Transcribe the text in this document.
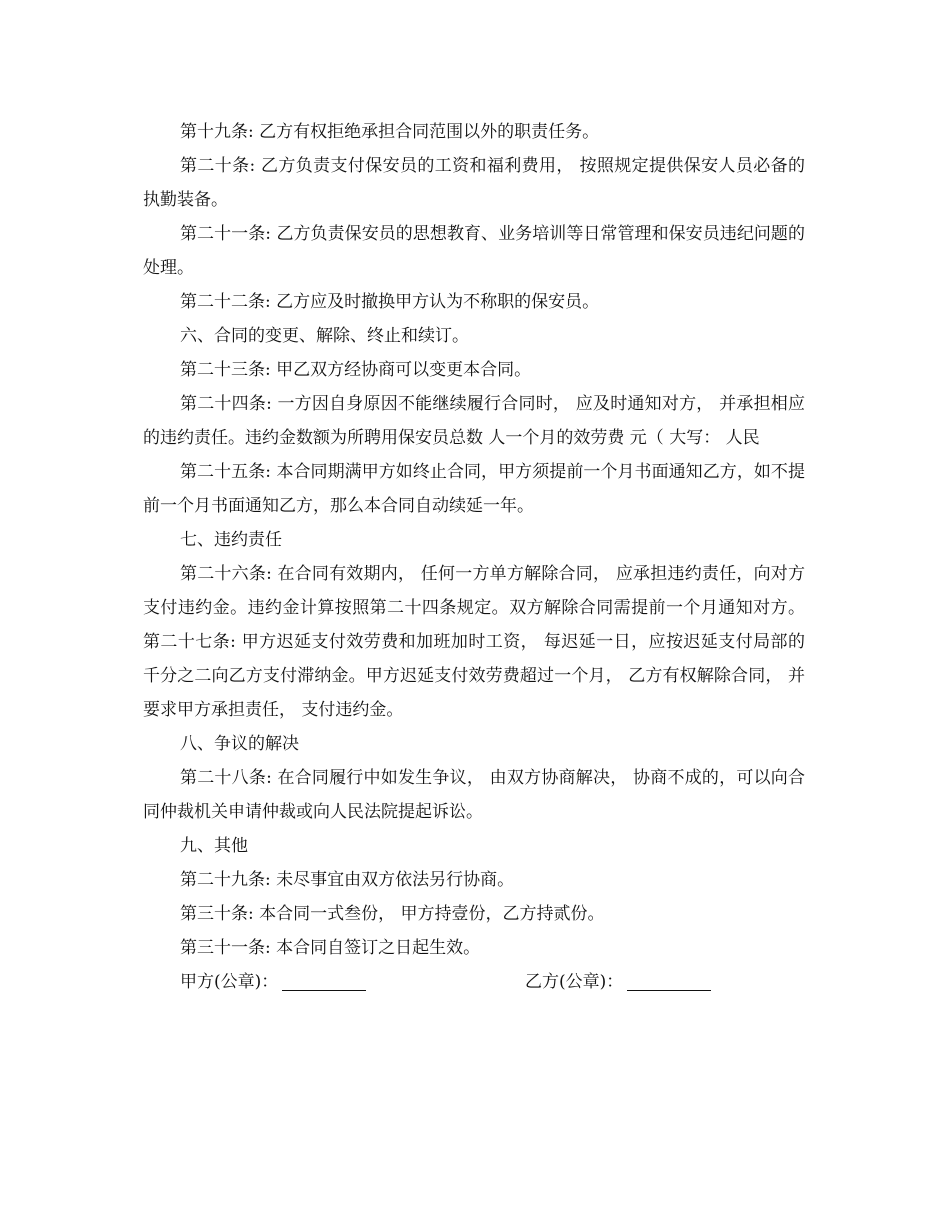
第十九条: 乙方有权拒绝承担合同范围以外的职责任务。

第二十条: 乙方负责支付保安员的工资和福利费用， 按照规定提供保安人员必备的执勤装备。

第二十一条: 乙方负责保安员的思想教育、业务培训等日常管理和保安员违纪问题的处理。

第二十二条: 乙方应及时撤换甲方认为不称职的保安员。

六、合同的变更、解除、终止和续订。

第二十三条: 甲乙双方经协商可以变更本合同。

第二十四条: 一方因自身原因不能继续履行合同时， 应及时通知对方， 并承担相应的违约责任。违约金数额为所聘用保安员总数 人一个月的效劳费 元（ 大写： 人民

第二十五条: 本合同期满甲方如终止合同，甲方须提前一个月书面通知乙方，如不提前一个月书面通知乙方，那么本合同自动续延一年。

七、违约责任

第二十六条: 在合同有效期内， 任何一方单方解除合同， 应承担违约责任，向对方支付违约金。违约金计算按照第二十四条规定。双方解除合同需提前一个月通知对方。 第二十七条: 甲方迟延支付效劳费和加班加时工资， 每迟延一日，应按迟延支付局部的千分之二向乙方支付滞纳金。甲方迟延支付效劳费超过一个月， 乙方有权解除合同， 并要求甲方承担责任， 支付违约金。

八、争议的解决

第二十八条: 在合同履行中如发生争议， 由双方协商解决， 协商不成的，可以向合同仲裁机关申请仲裁或向人民法院提起诉讼。

九、其他

第二十九条: 未尽事宜由双方依法另行协商。

第三十条: 本合同一式叁份， 甲方持壹份，乙方持贰份。

第三十一条: 本合同自签订之日起生效。

甲方(公章)：	乙方(公章)：
